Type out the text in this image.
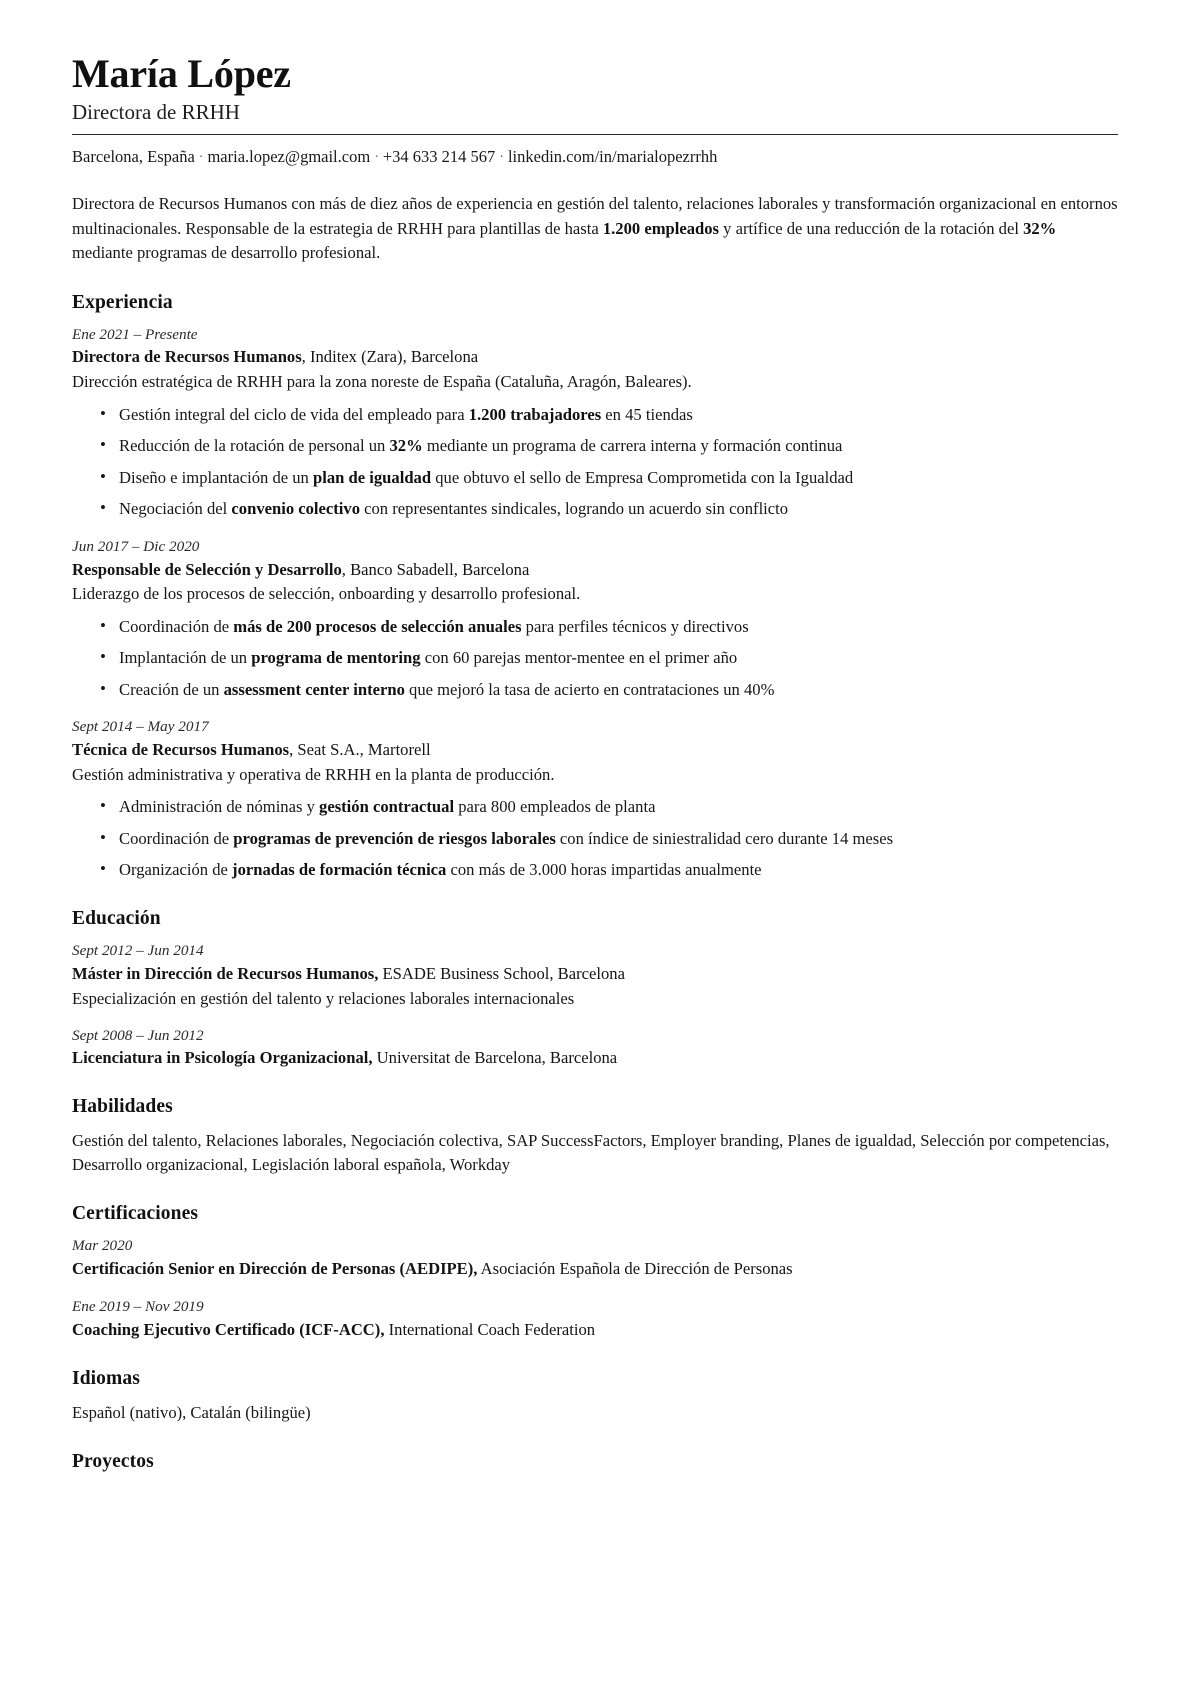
María López
Directora de RRHH
Barcelona, España · maria.lopez@gmail.com · +34 633 214 567 · linkedin.com/in/marialopezrrhh

Directora de Recursos Humanos con más de diez años de experiencia en gestión del talento, relaciones laborales y transformación organizacional en entornos multinacionales. Responsable de la estrategia de RRHH para plantillas de hasta 1.200 empleados y artífice de una reducción de la rotación del 32% mediante programas de desarrollo profesional.

Experiencia
Ene 2021 – Presente
Directora de Recursos Humanos, Inditex (Zara), Barcelona
Dirección estratégica de RRHH para la zona noreste de España (Cataluña, Aragón, Baleares).
• Gestión integral del ciclo de vida del empleado para 1.200 trabajadores en 45 tiendas
• Reducción de la rotación de personal un 32% mediante un programa de carrera interna y formación continua
• Diseño e implantación de un plan de igualdad que obtuvo el sello de Empresa Comprometida con la Igualdad
• Negociación del convenio colectivo con representantes sindicales, logrando un acuerdo sin conflicto
Jun 2017 – Dic 2020
Responsable de Selección y Desarrollo, Banco Sabadell, Barcelona
Liderazgo de los procesos de selección, onboarding y desarrollo profesional.
• Coordinación de más de 200 procesos de selección anuales para perfiles técnicos y directivos
• Implantación de un programa de mentoring con 60 parejas mentor-mentee en el primer año
• Creación de un assessment center interno que mejoró la tasa de acierto en contrataciones un 40%
Sept 2014 – May 2017
Técnica de Recursos Humanos, Seat S.A., Martorell
Gestión administrativa y operativa de RRHH en la planta de producción.
• Administración de nóminas y gestión contractual para 800 empleados de planta
• Coordinación de programas de prevención de riesgos laborales con índice de siniestralidad cero durante 14 meses
• Organización de jornadas de formación técnica con más de 3.000 horas impartidas anualmente
Educación
Sept 2012 – Jun 2014
Máster in Dirección de Recursos Humanos, ESADE Business School, Barcelona
Especialización en gestión del talento y relaciones laborales internacionales
Sept 2008 – Jun 2012
Licenciatura in Psicología Organizacional, Universitat de Barcelona, Barcelona
Habilidades

Gestión del talento, Relaciones laborales, Negociación colectiva, SAP SuccessFactors, Employer branding, Planes de igualdad, Selección por competencias, Desarrollo organizacional, Legislación laboral española, Workday

Certificaciones
Mar 2020
Certificación Senior en Dirección de Personas (AEDIPE), Asociación Española de Dirección de Personas
Ene 2019 – Nov 2019
Coaching Ejecutivo Certificado (ICF-ACC), International Coach Federation
Idiomas

Español (nativo), Catalán (bilingüe)

Proyectos
